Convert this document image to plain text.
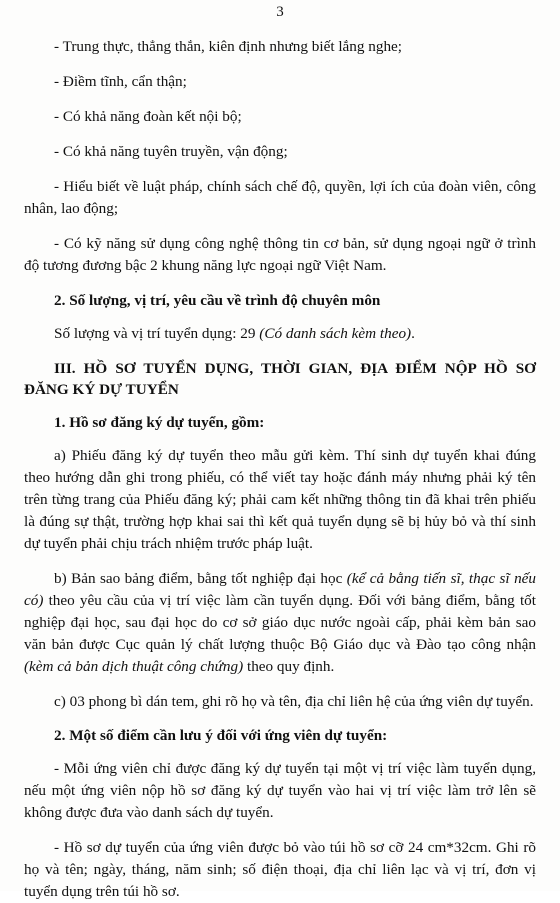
3

- Trung thực, thẳng thắn, kiên định nhưng biết lắng nghe;

- Điềm tĩnh, cẩn thận;

- Có khả năng đoàn kết nội bộ;

- Có khả năng tuyên truyền, vận động;

- Hiểu biết về luật pháp, chính sách chế độ, quyền, lợi ích của đoàn viên, công nhân, lao động;

- Có kỹ năng sử dụng công nghệ thông tin cơ bản, sử dụng ngoại ngữ ở trình độ tương đương bậc 2 khung năng lực ngoại ngữ Việt Nam.

2. Số lượng, vị trí, yêu cầu về trình độ chuyên môn

Số lượng và vị trí tuyển dụng: 29 (Có danh sách kèm theo).

III. HỒ SƠ TUYỂN DỤNG, THỜI GIAN, ĐỊA ĐIỂM NỘP HỒ SƠ ĐĂNG KÝ DỰ TUYỂN

1. Hồ sơ đăng ký dự tuyển, gồm:

a) Phiếu đăng ký dự tuyển theo mẫu gửi kèm. Thí sinh dự tuyển khai đúng theo hướng dẫn ghi trong phiếu, có thể viết tay hoặc đánh máy nhưng phải ký tên trên từng trang của Phiếu đăng ký; phải cam kết những thông tin đã khai trên phiếu là đúng sự thật, trường hợp khai sai thì kết quả tuyển dụng sẽ bị hủy bỏ và thí sinh dự tuyển phải chịu trách nhiệm trước pháp luật.

b) Bản sao bảng điểm, bằng tốt nghiệp đại học (kể cả bằng tiến sĩ, thạc sĩ nếu có) theo yêu cầu của vị trí việc làm cần tuyển dụng. Đối với bảng điểm, bằng tốt nghiệp đại học, sau đại học do cơ sở giáo dục nước ngoài cấp, phải kèm bản sao văn bản được Cục quản lý chất lượng thuộc Bộ Giáo dục và Đào tạo công nhận (kèm cả bản dịch thuật công chứng) theo quy định.

c) 03 phong bì dán tem, ghi rõ họ và tên, địa chỉ liên hệ của ứng viên dự tuyển.

2. Một số điểm cần lưu ý đối với ứng viên dự tuyển:

- Mỗi ứng viên chỉ được đăng ký dự tuyển tại một vị trí việc làm tuyển dụng, nếu một ứng viên nộp hồ sơ đăng ký dự tuyển vào hai vị trí việc làm trở lên sẽ không được đưa vào danh sách dự tuyển.

- Hồ sơ dự tuyển của ứng viên được bỏ vào túi hồ sơ cỡ 24 cm*32cm. Ghi rõ họ và tên; ngày, tháng, năm sinh; số điện thoại, địa chỉ liên lạc và vị trí, đơn vị tuyển dụng trên túi hồ sơ.
